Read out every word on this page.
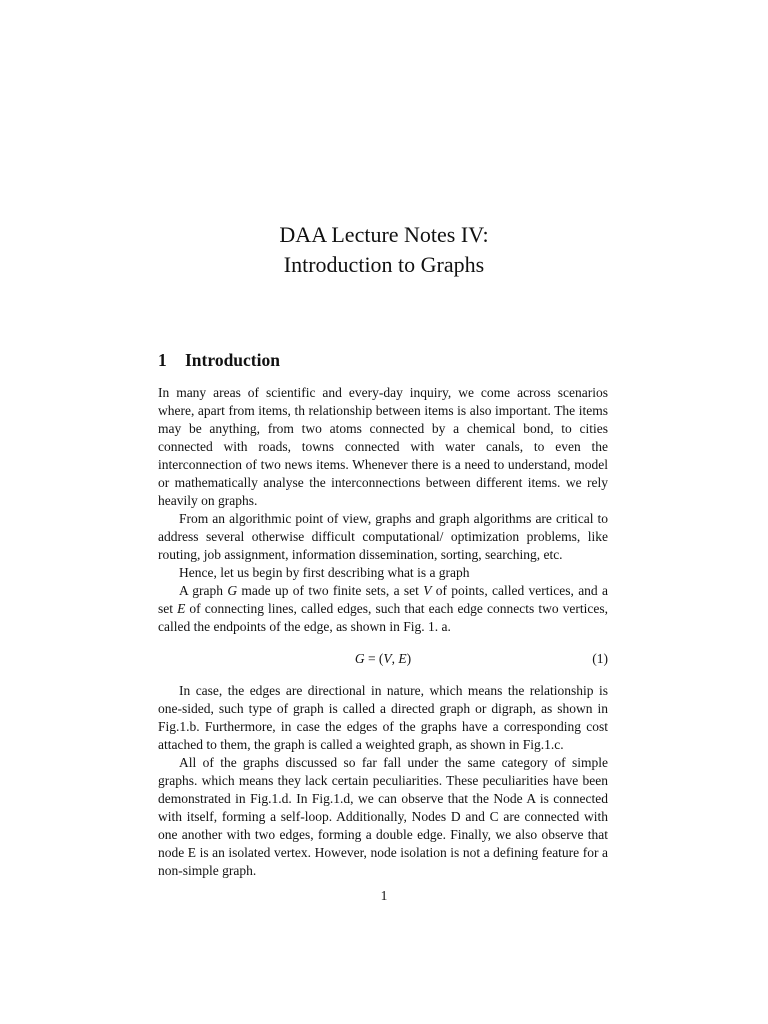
DAA Lecture Notes IV:
Introduction to Graphs
1 Introduction

In many areas of scientific and every-day inquiry, we come across scenarios where, apart from items, th relationship between items is also important. The items may be anything, from two atoms connected by a chemical bond, to cities connected with roads, towns connected with water canals, to even the interconnection of two news items. Whenever there is a need to understand, model or mathematically analyse the interconnections between different items. we rely heavily on graphs.

From an algorithmic point of view, graphs and graph algorithms are critical to address several otherwise difficult computational/ optimization problems, like routing, job assignment, information dissemination, sorting, searching, etc.

Hence, let us begin by first describing what is a graph

A graph G made up of two finite sets, a set V of points, called vertices, and a set E of connecting lines, called edges, such that each edge connects two vertices, called the endpoints of the edge, as shown in Fig. 1. a.

G = (V, E)	(1)

In case, the edges are directional in nature, which means the relationship is one-sided, such type of graph is called a directed graph or digraph, as shown in Fig.1.b. Furthermore, in case the edges of the graphs have a corresponding cost attached to them, the graph is called a weighted graph, as shown in Fig.1.c.

All of the graphs discussed so far fall under the same category of simple graphs. which means they lack certain peculiarities. These peculiarities have been demonstrated in Fig.1.d. In Fig.1.d, we can observe that the Node A is connected with itself, forming a self-loop. Additionally, Nodes D and C are connected with one another with two edges, forming a double edge. Finally, we also observe that node E is an isolated vertex. However, node isolation is not a defining feature for a non-simple graph.

1
